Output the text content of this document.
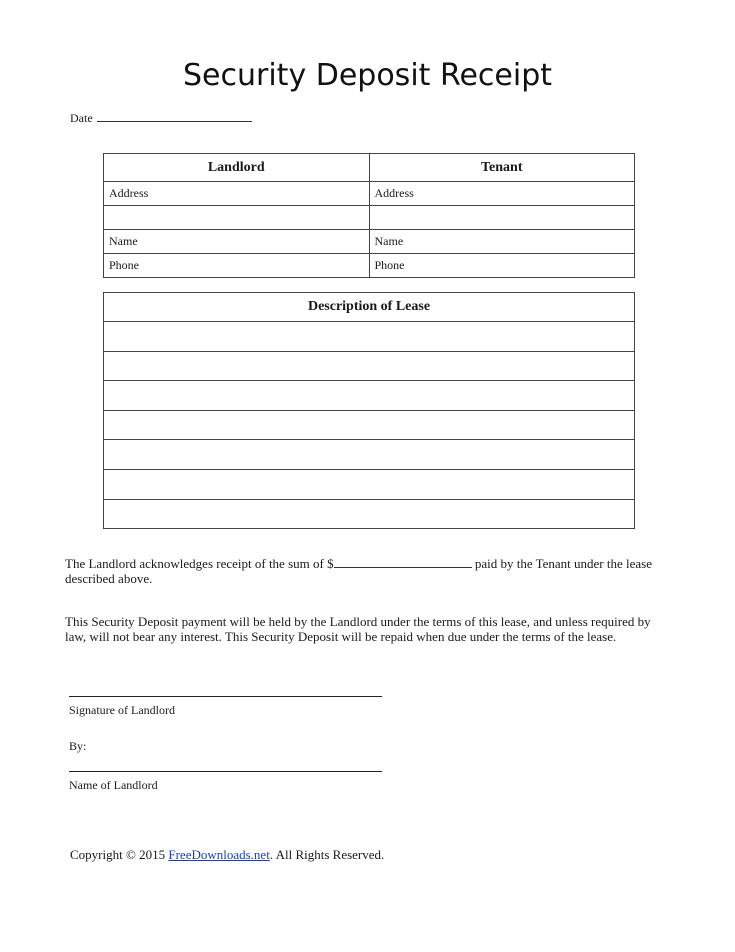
Security Deposit Receipt
Date
Landlord	Tenant
Address	Address

Name	Name
Phone	Phone
Description of Lease

The Landlord acknowledges receipt of the sum of $	paid by the Tenant under the lease described above.

This Security Deposit payment will be held by the Landlord under the terms of this lease, and unless required by law, will not bear any interest. This Security Deposit will be repaid when due under the terms of the lease.

Signature of Landlord
By:
Name of Landlord
Copyright © 2015 FreeDownloads.net. All Rights Reserved.
